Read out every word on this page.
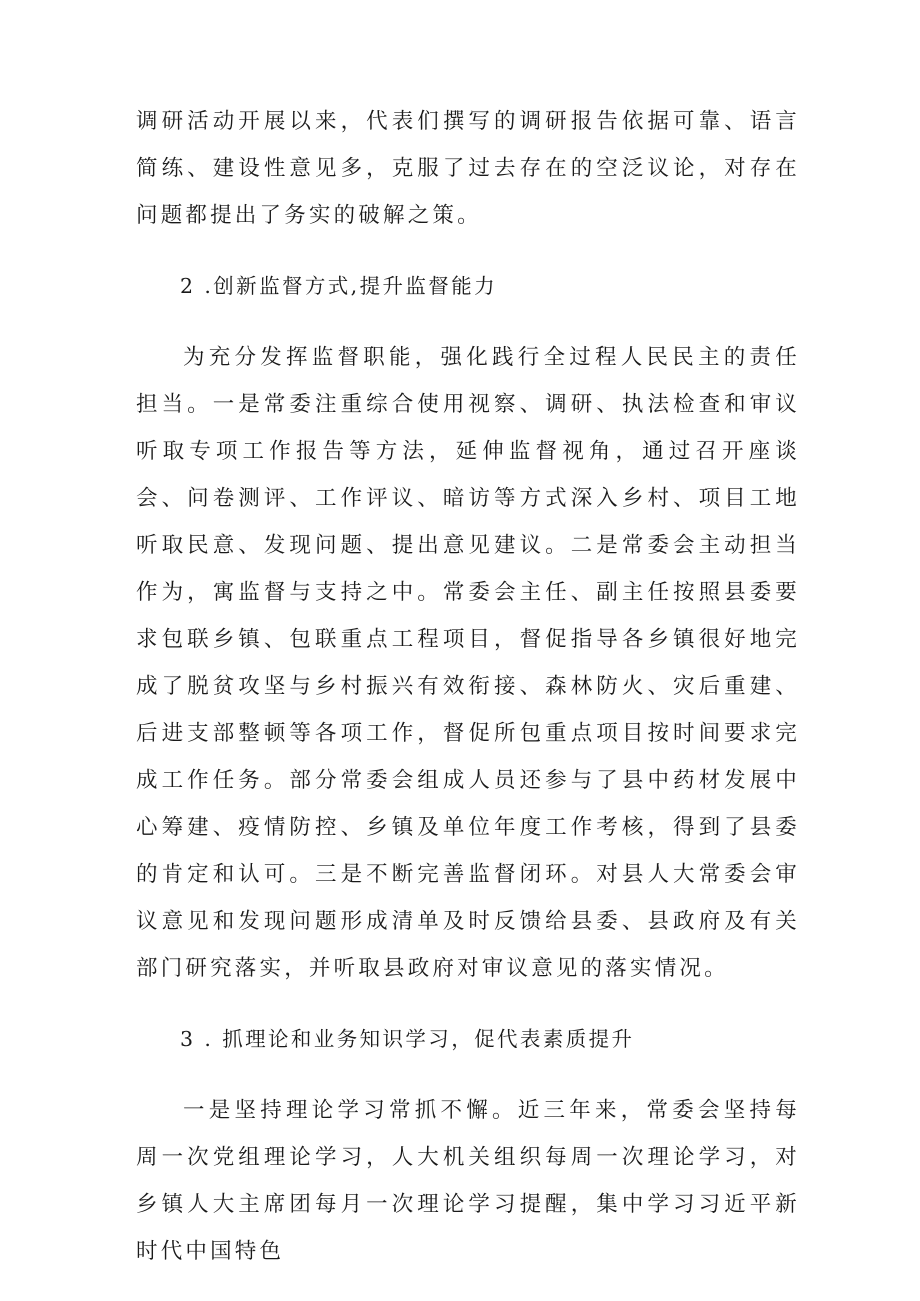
调研活动开展以来，代表们撰写的调研报告依据可靠、语言简练、建设性意见多，克服了过去存在的空泛议论，对存在问题都提出了务实的破解之策。

2 .创新监督方式,提升监督能力

为充分发挥监督职能，强化践行全过程人民民主的责任担当。一是常委注重综合使用视察、调研、执法检查和审议听取专项工作报告等方法，延伸监督视角，通过召开座谈会、问卷测评、工作评议、暗访等方式深入乡村、项目工地听取民意、发现问题、提出意见建议。二是常委会主动担当作为，寓监督与支持之中。常委会主任、副主任按照县委要求包联乡镇、包联重点工程项目，督促指导各乡镇很好地完成了脱贫攻坚与乡村振兴有效衔接、森林防火、灾后重建、后进支部整顿等各项工作，督促所包重点项目按时间要求完成工作任务。部分常委会组成人员还参与了县中药材发展中心筹建、疫情防控、乡镇及单位年度工作考核，得到了县委的肯定和认可。三是不断完善监督闭环。对县人大常委会审议意见和发现问题形成清单及时反馈给县委、县政府及有关部门研究落实，并听取县政府对审议意见的落实情况。

3 . 抓理论和业务知识学习，促代表素质提升

一是坚持理论学习常抓不懈。近三年来，常委会坚持每周一次党组理论学习，人大机关组织每周一次理论学习，对乡镇人大主席团每月一次理论学习提醒，集中学习习近平新时代中国特色
